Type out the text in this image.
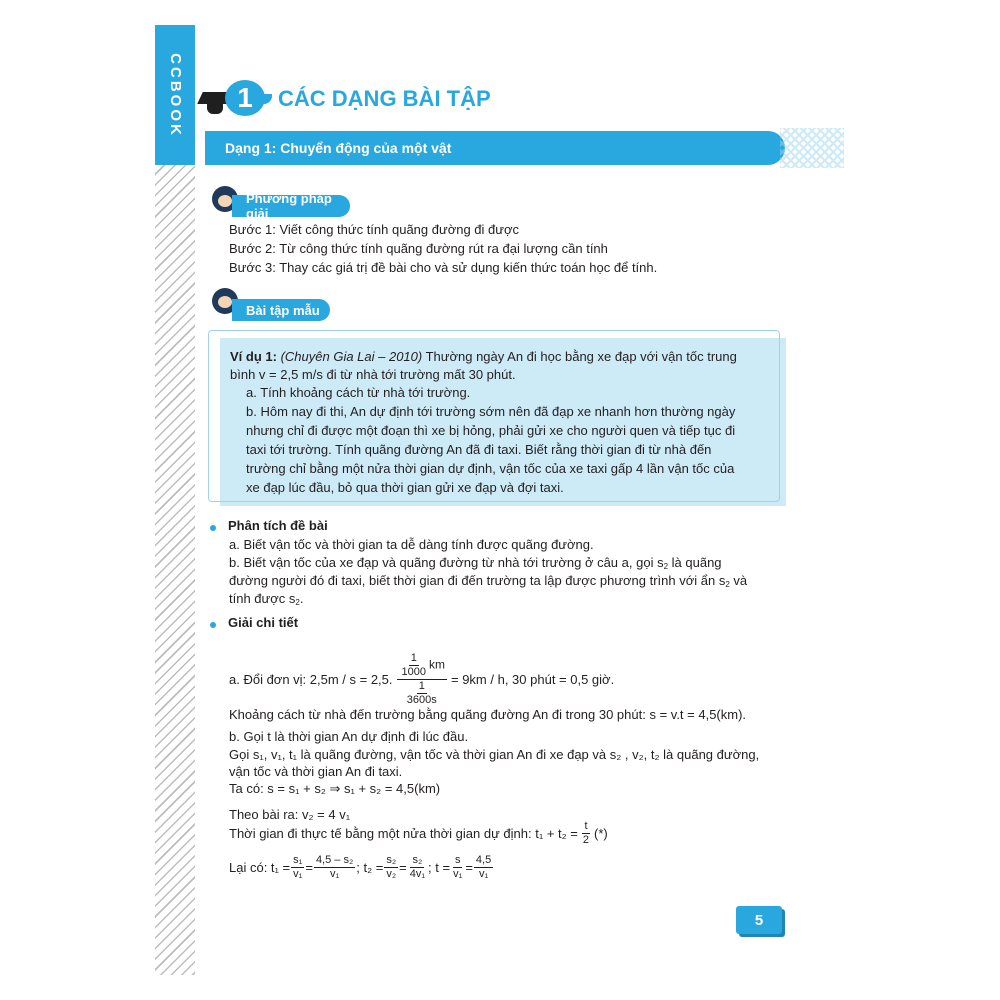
CCBOOK	1	CÁC DẠNG BÀI TẬP
Dạng 1: Chuyển động của một vật
Phương pháp giải
Bước 1: Viết công thức tính quãng đường đi được
Bước 2: Từ công thức tính quãng đường rút ra đại lượng cần tính
Bước 3: Thay các giá trị đề bài cho và sử dụng kiến thức toán học để tính.
Bài tập mẫu
Ví dụ 1: (Chuyên Gia Lai – 2010) Thường ngày An đi học bằng xe đạp với vận tốc trung
bình v = 2,5 m/s đi từ nhà tới trường mất 30 phút.
a. Tính khoảng cách từ nhà tới trường.
b. Hôm nay đi thi, An dự định tới trường sớm nên đã đạp xe nhanh hơn thường ngày
nhưng chỉ đi được một đoạn thì xe bị hỏng, phải gửi xe cho người quen và tiếp tục đi
taxi tới trường. Tính quãng đường An đã đi taxi. Biết rằng thời gian đi từ nhà đến
trường chỉ bằng một nửa thời gian dự định, vận tốc của xe taxi gấp 4 lần vận tốc của
xe đạp lúc đầu, bỏ qua thời gian gửi xe đạp và đợi taxi.
Phân tích đề bài
a. Biết vận tốc và thời gian ta dễ dàng tính được quãng đường.
b. Biết vận tốc của xe đạp và quãng đường từ nhà tới trường ở câu a, gọi $s_2$ là quãng
đường người đó đi taxi, biết thời gian đi đến trường ta lập được phương trình với ẩn $s_2$ và
tính được $s_2$.
Giải chi tiết
a. Đổi đơn vị: 2,5m / s = 2,5. $\frac{\frac{1}{1000} km}{\frac{1}{3600s}} = 9km / h$, 30 phút = 0,5 giờ.
Khoảng cách từ nhà đến trường bằng quãng đường An đi trong 30 phút: s = v.t = 4,5(km).
b. Gọi t là thời gian An dự định đi lúc đầu.
Gọi s₁, v₁, t₁ là quãng đường, vận tốc và thời gian An đi xe đạp và s₂ , v₂, t₂ là quãng đường,
vận tốc và thời gian An đi taxi.
Ta có: s = s₁ + s₂ ⇒ s₁ + s₂ = 4,5(km)
Theo bài ra: v₂ = 4 v₁
Thời gian đi thực tế bằng một nửa thời gian dự định: $t_1 + t_2 = \frac{t}{2}$ (*)
Lại có: $t_1 = \frac{\text{s₁}}{\text{v₁}} = \frac{\text{4,5 – s₂}}{\text{v₁}}$ ; $t_2 = \frac{\text{s₂}}{\text{v₂}} = \frac{\text{s₂}}{\text{4v₁}}$ ; $t = \frac{s}{\text{v₁}} = \frac{4,5}{\text{v₁}}$
5
